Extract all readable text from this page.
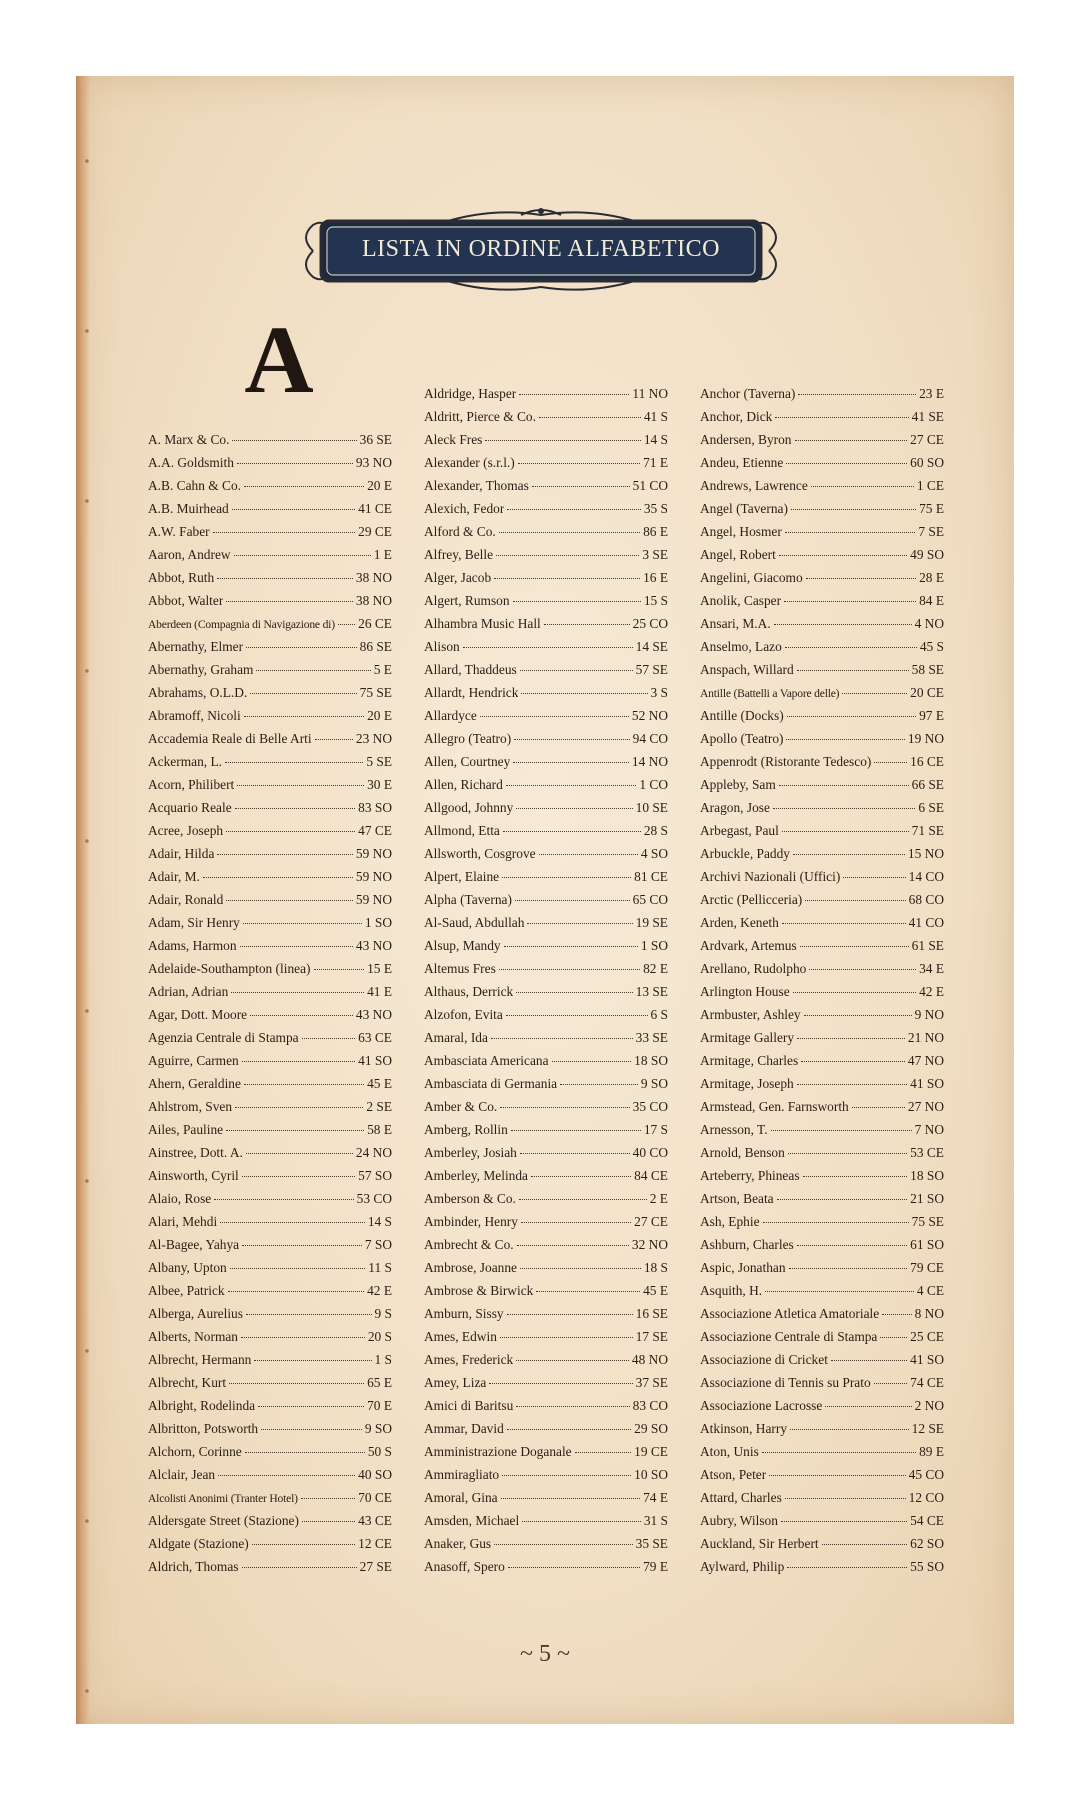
LISTA IN ORDINE ALFABETICO
A
A. Marx & Co.	36 SE
A.A. Goldsmith	93 NO
A.B. Cahn & Co.	20 E
A.B. Muirhead	41 CE
A.W. Faber	29 CE
Aaron, Andrew	1 E
Abbot, Ruth	38 NO
Abbot, Walter	38 NO
Aberdeen (Compagnia di Navigazione di) 26 CE
Abernathy, Elmer	86 SE
Abernathy, Graham	5 E
Abrahams, O.L.D.	75 SE
Abramoff, Nicoli	20 E
Accademia Reale di Belle Arti	23 NO
Ackerman, L.	5 SE
Acorn, Philibert	30 E
Acquario Reale	83 SO
Acree, Joseph	47 CE
Adair, Hilda	59 NO
Adair, M.	59 NO
Adair, Ronald	59 NO
Adam, Sir Henry	1 SO
Adams, Harmon	43 NO
Adelaide-Southampton (linea)	15 E
Adrian, Adrian	41 E
Agar, Dott. Moore	43 NO
Agenzia Centrale di Stampa	63 CE
Aguirre, Carmen	41 SO
Ahern, Geraldine	45 E
Ahlstrom, Sven	2 SE
Ailes, Pauline	58 E
Ainstree, Dott. A.	24 NO
Ainsworth, Cyril	57 SO
Alaio, Rose	53 CO
Alari, Mehdi	14 S
Al-Bagee, Yahya	7 SO
Albany, Upton	11 S
Albee, Patrick	42 E
Alberga, Aurelius	9 S
Alberts, Norman	20 S
Albrecht, Hermann	1 S
Albrecht, Kurt	65 E
Albright, Rodelinda	70 E
Albritton, Potsworth	9 SO
Alchorn, Corinne	50 S
Alclair, Jean	40 SO
Alcolisti Anonimi (Tranter Hotel)	70 CE
Aldersgate Street (Stazione)	43 CE
Aldgate (Stazione)	12 CE
Aldrich, Thomas	27 SE
Aldridge, Hasper	11 NO
Aldritt, Pierce & Co.	41 S
Aleck Fres	14 S
Alexander (s.r.l.)	71 E
Alexander, Thomas	51 CO
Alexich, Fedor	35 S
Alford & Co.	86 E
Alfrey, Belle	3 SE
Alger, Jacob	16 E
Algert, Rumson	15 S
Alhambra Music Hall	25 CO
Alison	14 SE
Allard, Thaddeus	57 SE
Allardt, Hendrick	3 S
Allardyce	52 NO
Allegro (Teatro)	94 CO
Allen, Courtney	14 NO
Allen, Richard	1 CO
Allgood, Johnny	10 SE
Allmond, Etta	28 S
Allsworth, Cosgrove	4 SO
Alpert, Elaine	81 CE
Alpha (Taverna)	65 CO
Al-Saud, Abdullah	19 SE
Alsup, Mandy	1 SO
Altemus Fres	82 E
Althaus, Derrick	13 SE
Alzofon, Evita	6 S
Amaral, Ida	33 SE
Ambasciata Americana	18 SO
Ambasciata di Germania	9 SO
Amber & Co.	35 CO
Amberg, Rollin	17 S
Amberley, Josiah	40 CO
Amberley, Melinda	84 CE
Amberson & Co.	2 E
Ambinder, Henry	27 CE
Ambrecht & Co.	32 NO
Ambrose, Joanne	18 S
Ambrose & Birwick	45 E
Amburn, Sissy	16 SE
Ames, Edwin	17 SE
Ames, Frederick	48 NO
Amey, Liza	37 SE
Amici di Baritsu	83 CO
Ammar, David	29 SO
Amministrazione Doganale	19 CE
Ammiragliato	10 SO
Amoral, Gina	74 E
Amsden, Michael	31 S
Anaker, Gus	35 SE
Anasoff, Spero	79 E
Anchor (Taverna)	23 E
Anchor, Dick	41 SE
Andersen, Byron	27 CE
Andeu, Etienne	60 SO
Andrews, Lawrence	1 CE
Angel (Taverna)	75 E
Angel, Hosmer	7 SE
Angel, Robert	49 SO
Angelini, Giacomo	28 E
Anolik, Casper	84 E
Ansari, M.A.	4 NO
Anselmo, Lazo	45 S
Anspach, Willard	58 SE
Antille (Battelli a Vapore delle)	20 CE
Antille (Docks)	97 E
Apollo (Teatro)	19 NO
Appenrodt (Ristorante Tedesco)	16 CE
Appleby, Sam	66 SE
Aragon, Jose	6 SE
Arbegast, Paul	71 SE
Arbuckle, Paddy	15 NO
Archivi Nazionali (Uffici)	14 CO
Arctic (Pellicceria)	68 CO
Arden, Keneth	41 CO
Ardvark, Artemus	61 SE
Arellano, Rudolpho	34 E
Arlington House	42 E
Armbuster, Ashley	9 NO
Armitage Gallery	21 NO
Armitage, Charles	47 NO
Armitage, Joseph	41 SO
Armstead, Gen. Farnsworth	27 NO
Arnesson, T.	7 NO
Arnold, Benson	53 CE
Arteberry, Phineas	18 SO
Artson, Beata	21 SO
Ash, Ephie	75 SE
Ashburn, Charles	61 SO
Aspic, Jonathan	79 CE
Asquith, H.	4 CE
Associazione Atletica Amatoriale	8 NO
Associazione Centrale di Stampa 25 CE
Associazione di Cricket	41 SO
Associazione di Tennis su Prato	74 CE
Associazione Lacrosse	2 NO
Atkinson, Harry	12 SE
Aton, Unis	89 E
Atson, Peter	45 CO
Attard, Charles	12 CO
Aubry, Wilson	54 CE
Auckland, Sir Herbert	62 SO
Aylward, Philip	55 SO
~ 5 ~
